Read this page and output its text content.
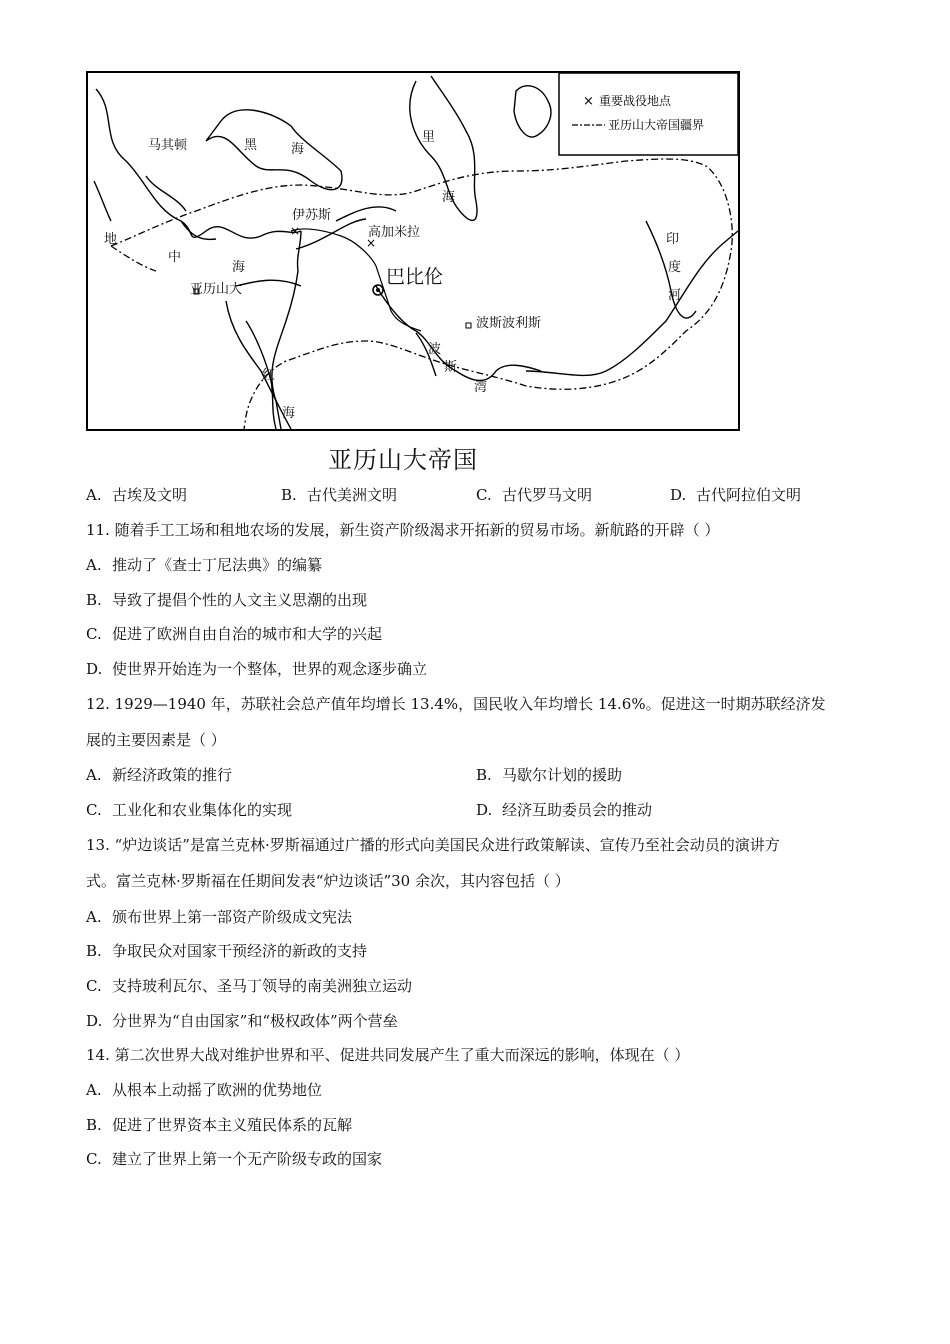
× 重要战役地点
亚历山大帝国疆界
×
×
马其顿	黑	海
里
海
伊苏斯
高加米拉
巴比伦
波斯波利斯
亚历山大
地
中
海
红
海
波
斯
湾
印
度
河
亚历山大帝国
A. 古埃及文明	B. 古代美洲文明	C. 古代罗马文明	D. 古代阿拉伯文明
11. 随着手工工场和租地农场的发展，新生资产阶级渴求开拓新的贸易市场。新航路的开辟（ ）
A. 推动了《查士丁尼法典》的编纂
B. 导致了提倡个性的人文主义思潮的出现
C. 促进了欧洲自由自治的城市和大学的兴起
D. 使世界开始连为一个整体，世界的观念逐步确立
12. 1929—1940 年，苏联社会总产值年均增长 13.4%，国民收入年均增长 14.6%。促进这一时期苏联经济发
展的主要因素是（ ）
A. 新经济政策的推行	B. 马歇尔计划的援助
C. 工业化和农业集体化的实现	D. 经济互助委员会的推动
13. “炉边谈话”是富兰克林·罗斯福通过广播的形式向美国民众进行政策解读、宣传乃至社会动员的演讲方
式。富兰克林·罗斯福在任期间发表“炉边谈话”30 余次，其内容包括（ ）
A. 颁布世界上第一部资产阶级成文宪法
B. 争取民众对国家干预经济的新政的支持
C. 支持玻利瓦尔、圣马丁领导的南美洲独立运动
D. 分世界为“自由国家”和“极权政体”两个营垒
14. 第二次世界大战对维护世界和平、促进共同发展产生了重大而深远的影响，体现在（ ）
A. 从根本上动摇了欧洲的优势地位
B. 促进了世界资本主义殖民体系的瓦解
C. 建立了世界上第一个无产阶级专政的国家
